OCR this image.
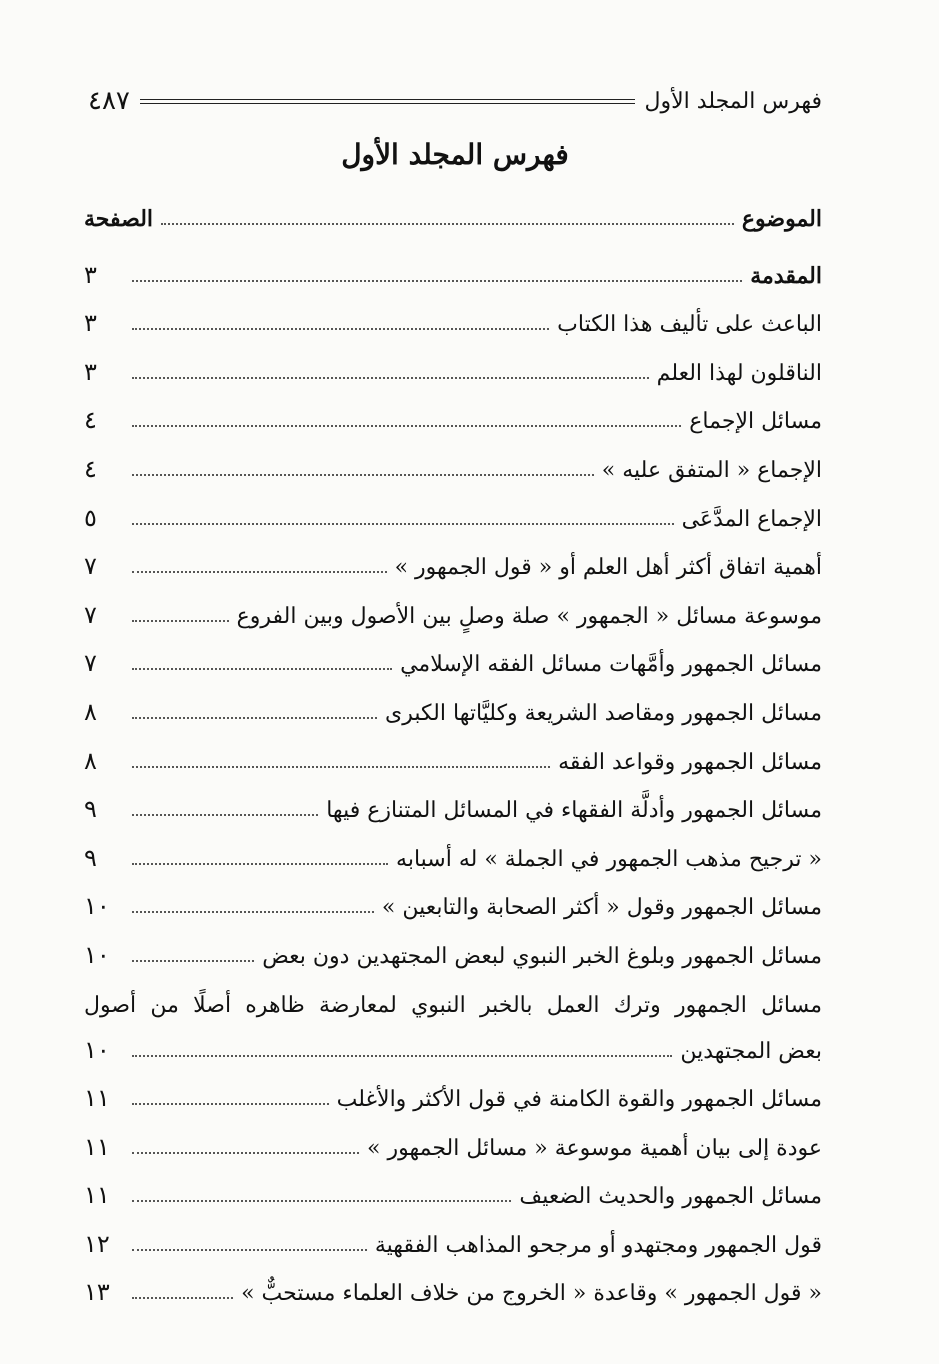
فهرس المجلد الأول
٤٨٧
فهرس المجلد الأول
الموضوع
الصفحة
المقدمة
٣
الباعث على تأليف هذا الكتاب
٣
الناقلون لهذا العلم
٣
مسائل الإجماع
٤
الإجماع « المتفق عليه »
٤
الإجماع المدَّعَى
٥
أهمية اتفاق أكثر أهل العلم أو « قول الجمهور »
٧
موسوعة مسائل « الجمهور » صلة وصلٍ بين الأصول وبين الفروع
٧
مسائل الجمهور وأمَّهات مسائل الفقه الإسلامي
٧
مسائل الجمهور ومقاصد الشريعة وكليَّاتها الكبرى
٨
مسائل الجمهور وقواعد الفقه
٨
مسائل الجمهور وأدلَّة الفقهاء في المسائل المتنازع فيها
٩
« ترجيح مذهب الجمهور في الجملة » له أسبابه
٩
مسائل الجمهور وقول « أكثر الصحابة والتابعين »
١٠
مسائل الجمهور وبلوغ الخبر النبوي لبعض المجتهدين دون بعض
١٠
مسائل الجمهور وترك العمل بالخبر النبوي لمعارضة ظاهره أصلًا من أصول
بعض المجتهدين
١٠
مسائل الجمهور والقوة الكامنة في قول الأكثر والأغلب
١١
عودة إلى بيان أهمية موسوعة « مسائل الجمهور »
١١
مسائل الجمهور والحديث الضعيف
١١
قول الجمهور ومجتهدو أو مرجحو المذاهب الفقهية
١٢
« قول الجمهور » وقاعدة « الخروج من خلاف العلماء مستحبٌّ »
١٣
